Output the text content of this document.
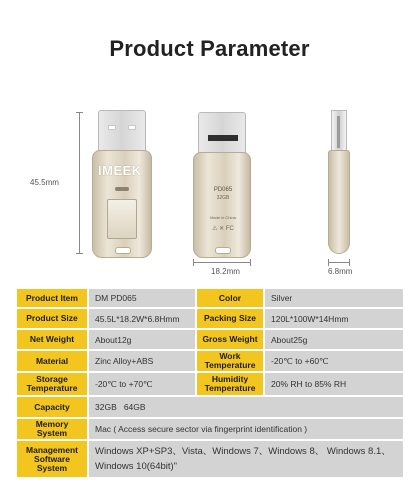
Product Parameter
45.5mm
IMEEK
PD065
32GB
Made in China
⚠ ✕ FC
18.2mm	6.8mm
Product Item	DM PD065	Color	Silver
Product Size	45.5L*18.2W*6.8Hmm	Packing Size	120L*100W*14Hmm
Net Weight	About12g	Gross Weight	About25g
Material	Zinc Alloy+ABS	Work Temperature	-20℃ to +60℃
Storage Temperature	-20℃ to +70℃	Humidity Temperature	20% RH to 85% RH
Capacity	32GB   64GB		
Memory System	Mac ( Access secure sector via fingerprint identification )		
Management Software System	Windows XP+SP3、Vista、Windows 7、Windows 8、 Windows 8.1、Windows 10(64bit)"		
